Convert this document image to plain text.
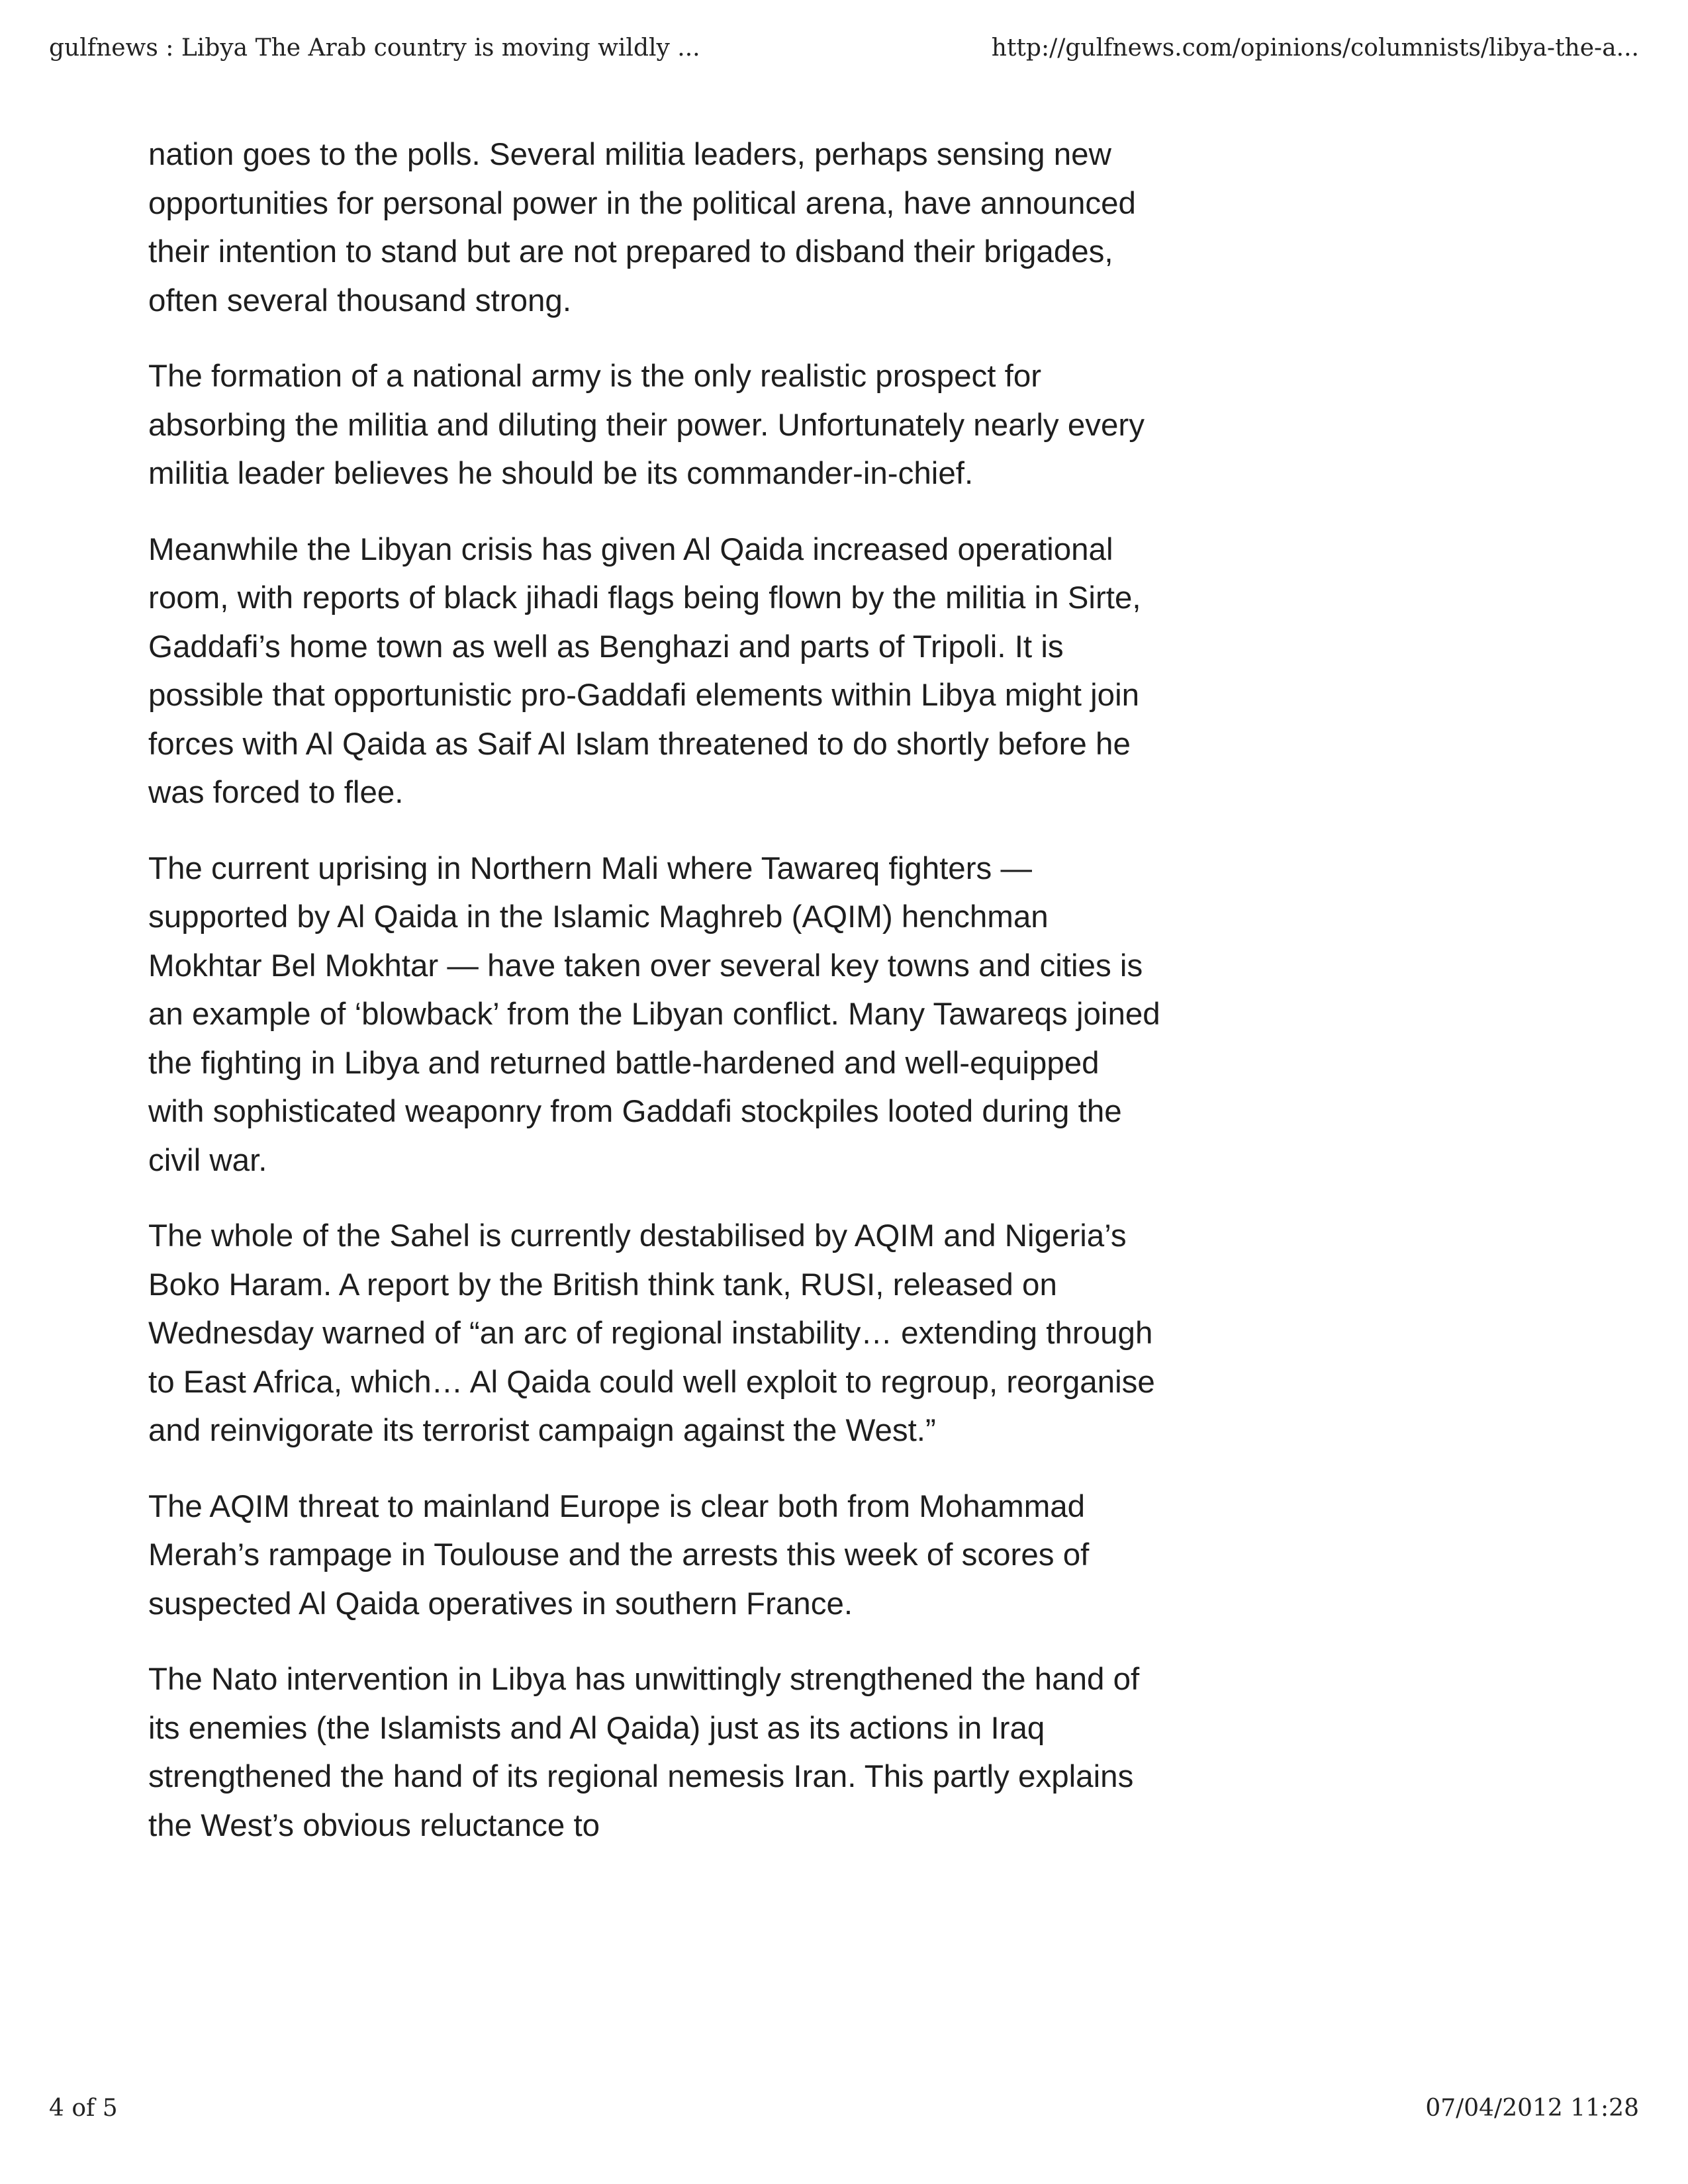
gulfnews : Libya The Arab country is moving wildly ...	http://gulfnews.com/opinions/columnists/libya-the-a...

nation goes to the polls. Several militia leaders, perhaps sensing new opportunities for personal power in the political arena, have announced their intention to stand but are not prepared to disband their brigades, often several thousand strong.

The formation of a national army is the only realistic prospect for absorbing the militia and diluting their power. Unfortunately nearly every militia leader believes he should be its commander-in-chief.

Meanwhile the Libyan crisis has given Al Qaida increased operational room, with reports of black jihadi flags being flown by the militia in Sirte, Gaddafi’s home town as well as Benghazi and parts of Tripoli. It is possible that opportunistic pro-Gaddafi elements within Libya might join forces with Al Qaida as Saif Al Islam threatened to do shortly before he was forced to flee.

The current uprising in Northern Mali where Tawareq fighters — supported by Al Qaida in the Islamic Maghreb (AQIM) henchman Mokhtar Bel Mokhtar — have taken over several key towns and cities is an example of ‘blowback’ from the Libyan conflict. Many Tawareqs joined the fighting in Libya and returned battle-hardened and well-equipped with sophisticated weaponry from Gaddafi stockpiles looted during the civil war.

The whole of the Sahel is currently destabilised by AQIM and Nigeria’s Boko Haram. A report by the British think tank, RUSI, released on Wednesday warned of “an arc of regional instability… extending through to East Africa, which… Al Qaida could well exploit to regroup, reorganise and reinvigorate its terrorist campaign against the West.”

The AQIM threat to mainland Europe is clear both from Mohammad Merah’s rampage in Toulouse and the arrests this week of scores of suspected Al Qaida operatives in southern France.

The Nato intervention in Libya has unwittingly strengthened the hand of its enemies (the Islamists and Al Qaida) just as its actions in Iraq strengthened the hand of its regional nemesis Iran. This partly explains the West’s obvious reluctance to

4 of 5	07/04/2012 11:28
